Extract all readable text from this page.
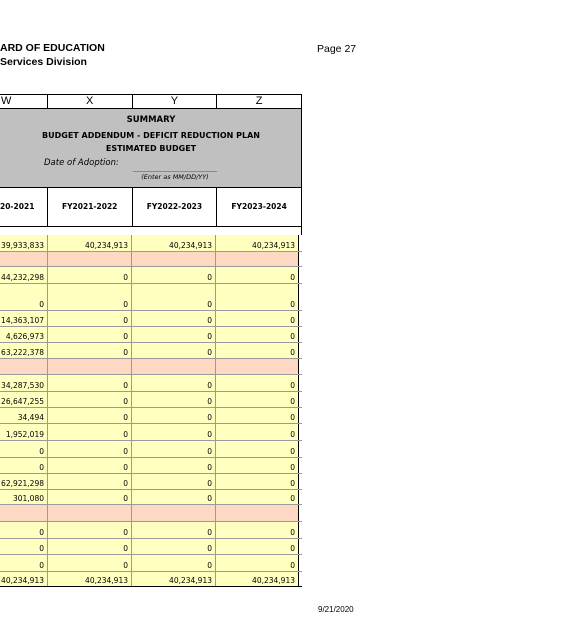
ARD OF EDUCATION
Services Division
Page 27
W	X	Y	Z
SUMMARY
BUDGET ADDENDUM - DEFICIT REDUCTION PLAN
ESTIMATED BUDGET
Date of Adoption:
(Enter as MM/DD/YY)
20-2021	FY2021-2022	FY2022-2023	FY2023-2024
39,933,833	40,234,913	40,234,913	40,234,913
44,232,298	0	0	0
0	0	0	0
14,363,107	0	0	0
4,626,973	0	0	0
63,222,378	0	0	0
34,287,530	0	0	0
26,647,255	0	0	0
34,494	0	0	0
1,952,019	0	0	0
0	0	0	0
0	0	0	0
62,921,298	0	0	0
301,080	0	0	0
0	0	0	0
0	0	0	0
0	0	0	0
40,234,913	40,234,913	40,234,913	40,234,913
9/21/2020
